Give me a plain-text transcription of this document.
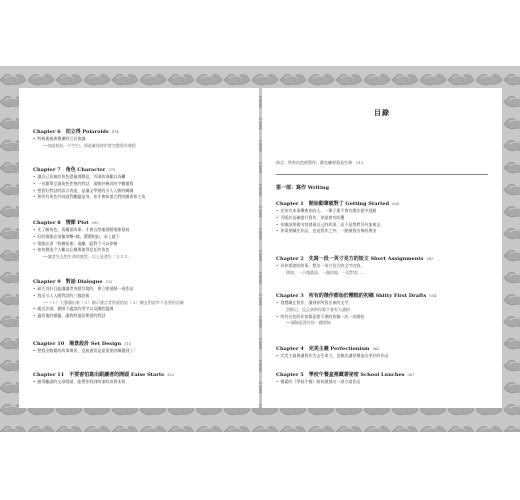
Chapter 6　拍立得 Polaroids 074
• 特殊奧運會籌備的冗長會議
──如此抵抗一片空白，到此確保使用者完整寫作進程
Chapter 7　角色 Character 079
• 讓自己扮演的角色盡量挑戰這，否則故事難以為繼
• 一句簡單呈現角色性格的對話，遠勝於幾頁的字數描寫
• 想寫好對話的語言表達，是讓文學裡的引人入勝的關鍵
• 和所有角色共同面對難題是身，你才會知道它們的關係和主角
Chapter 8　情節 Plot 090
• 先了解角色，再構思故事，才會自然地推動情節發展
• 好的情節必須像拳擊─樣，環環相扣，承上啟下
• 情節必須「持續前進」遠離，絕對不可以停頓
• 如何創造令人難以忘懷與值得信任的角色
──讀者失去對生命的感受，以上是發生「ＸＸＸ」
Chapter 9　對話 Dialogue 102
• 缺乏良好且能讓讀者身歷其境的，會立即抵制一部作品
• 寫出引人入勝對話的三個訣竅
──（１）大聲讀出來（２）標示發言者所說的話（３）刪去對話中不必要的註解
• 親近法則，避開不適當的用字以及陳腔濫調
• 適切地的標題，讓我們還原期望的對話
Chapter 10　場景設計 Set Design 115
• 想寫出輕鬆的故事場景，直接通常是最重要的關鍵到了！
Chapter 11　不要害怕寫出跟讀者的開頭 False Starts 120
• 錯得離譜的文章開頭，能帶你找到故事的真實本質
目錄
前言：所有出色的寫作，都在練習看見生命 013
第一部：寫作 Writing
Chapter 1　開始動筆就對了 Getting Started 024
• 任何有本事鑽進你的人，一輩子都不會有辦法從中逃避
• 否版於是確提升寫作，你就會有收穫
• 你應該要從內容發現自己的故事，而不是我們另外加進去
• 你需要關注作品，也是寫作之外，一點被寫出來的理由
Chapter 2　先寫一段一英寸見方的短文 Short Assignments 047
• 為你要說的故事，想出一英寸見方的文字內容，
例如，一小塊畫面，一個回憶，一段對話……
Chapter 3　所有的傑作都始於糟糕的初稿 Shitty First Drafts 054
• 發覺藏在寫作，讀到你所寫出來的文字，
別擔心，反正到時你都不會有人讀的
• 所有出色的作家都是從不堪的初稿一次一次開始
──讀稿是寫作的一種開始
Chapter 4　完美主義 Perfectionism 062
• 完美主義會讓寫作失去生命力，也無法讓你創造出更好的作品
Chapter 5　學校午餐盒裡藏著祕密 School Lunches 067
• 樸素的《學校午餐》如何激發出一部小說作品
